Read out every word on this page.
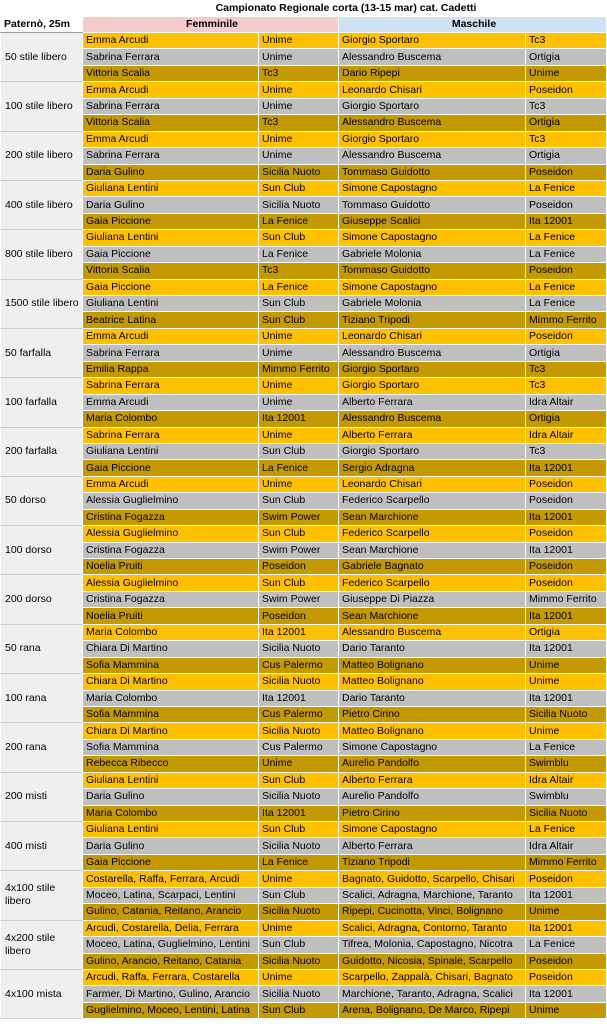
	Campionato Regionale corta (13-15 mar) cat. Cadetti			
Paternò, 25m	Femminile		Maschile	
50 stile libero	Emma Arcudi	Unime	Giorgio Sportaro	Tc3
	Sabrina Ferrara	Unime	Alessandro Buscema	Ortigia
	Vittoria Scalia	Tc3	Dario Ripepi	Unime
100 stile libero	Emma Arcudi	Unime	Leonardo Chisari	Poseidon
	Sabrina Ferrara	Unime	Giorgio Sportaro	Tc3
	Vittoria Scalia	Tc3	Alessandro Buscema	Ortigia
200 stile libero	Emma Arcudi	Unime	Giorgio Sportaro	Tc3
	Sabrina Ferrara	Unime	Alessandro Buscema	Ortigia
	Daria Gulino	Sicilia Nuoto	Tommaso Guidotto	Poseidon
400 stile libero	Giuliana Lentini	Sun Club	Simone Capostagno	La Fenice
	Daria Gulino	Sicilia Nuoto	Tommaso Guidotto	Poseidon
	Gaia Piccione	La Fenice	Giuseppe Scalici	Ita 12001
800 stile libero	Giuliana Lentini	Sun Club	Simone Capostagno	La Fenice
	Gaia Piccione	La Fenice	Gabriele Molonia	La Fenice
	Vittoria Scalia	Tc3	Tommaso Guidotto	Poseidon
1500 stile libero	Gaia Piccione	La Fenice	Simone Capostagno	La Fenice
	Giuliana Lentini	Sun Club	Gabriele Molonia	La Fenice
	Beatrice Latina	Sun Club	Tiziano Tripodi	Mimmo Ferrito
50 farfalla	Emma Arcudi	Unime	Leonardo Chisari	Poseidon
	Sabrina Ferrara	Unime	Alessandro Buscema	Ortigia
	Emilia Rappa	Mimmo Ferrito	Giorgio Sportaro	Tc3
100 farfalla	Sabrina Ferrara	Unime	Giorgio Sportaro	Tc3
	Emma Arcudi	Unime	Alberto Ferrara	Idra Altair
	Maria Colombo	Ita 12001	Alessandro Buscema	Ortigia
200 farfalla	Sabrina Ferrara	Unime	Alberto Ferrara	Idra Altair
	Giuliana Lentini	Sun Club	Giorgio Sportaro	Tc3
	Gaia Piccione	La Fenice	Sergio Adragna	Ita 12001
50 dorso	Emma Arcudi	Unime	Leonardo Chisari	Poseidon
	Alessia Guglielmino	Sun Club	Federico Scarpello	Poseidon
	Cristina Fogazza	Swim Power	Sean Marchione	Ita 12001
100 dorso	Alessia Guglielmino	Sun Club	Federico Scarpello	Poseidon
	Cristina Fogazza	Swim Power	Sean Marchione	Ita 12001
	Noelia Pruiti	Poseidon	Gabriele Bagnato	Poseidon
200 dorso	Alessia Guglielmino	Sun Club	Federico Scarpello	Poseidon
	Cristina Fogazza	Swim Power	Giuseppe Di Piazza	Mimmo Ferrito
	Noelia Pruiti	Poseidon	Sean Marchione	Ita 12001
50 rana	Maria Colombo	Ita 12001	Alessandro Buscema	Ortigia
	Chiara Di Martino	Sicilia Nuoto	Dario Taranto	Ita 12001
	Sofia Mammina	Cus Palermo	Matteo Bolignano	Unime
100 rana	Chiara Di Martino	Sicilia Nuoto	Matteo Bolignano	Unime
	Maria Colombo	Ita 12001	Dario Taranto	Ita 12001
	Sofia Mammina	Cus Palermo	Pietro Cirino	Sicilia Nuoto
200 rana	Chiara Di Martino	Sicilia Nuoto	Matteo Bolignano	Unime
	Sofia Mammina	Cus Palermo	Simone Capostagno	La Fenice
	Rebecca Ribecco	Unime	Aurelio Pandolfo	Swimblu
200 misti	Giuliana Lentini	Sun Club	Alberto Ferrara	Idra Altair
	Daria Gulino	Sicilia Nuoto	Aurelio Pandolfo	Swimblu
	Maria Colombo	Ita 12001	Pietro Cirino	Sicilia Nuoto
400 misti	Giuliana Lentini	Sun Club	Simone Capostagno	La Fenice
	Daria Gulino	Sicilia Nuoto	Alberto Ferrara	Idra Altair
	Gaia Piccione	La Fenice	Tiziano Tripodi	Mimmo Ferrito
4x100 stile libero	Costarella, Raffa, Ferrara, Arcudi	Unime	Bagnato, Guidotto, Scarpello, Chisari	Poseidon
	Moceo, Latina, Scarpaci, Lentini	Sun Club	Scalici, Adragna, Marchione, Taranto	Ita 12001
	Gulino, Catania, Reitano, Arancio	Sicilia Nuoto	Ripepi, Cucinotta, Vinci, Bolignano	Unime
4x200 stile libero	Arcudi, Costarella, Delia, Ferrara	Unime	Scalici, Adragna, Contorno, Taranto	Ita 12001
	Moceo, Latina, Guglielmino, Lentini	Sun Club	Tifrea, Molonia, Capostagno, Nicotra	La Fenice
	Gulino, Arancio, Reitano, Catania	Sicilia Nuoto	Guidotto, Nicosia, Spinale, Scarpello	Poseidon
4x100 mista	Arcudi, Raffa, Ferrara, Costarella	Unime	Scarpello, Zappalà, Chisari, Bagnato	Poseidon
	Farmer, Di Martino, Gulino, Arancio	Sicilia Nuoto	Marchione, Taranto, Adragna, Scalici	Ita 12001
	Guglielmino, Moceo, Lentini, Latina	Sun Club	Arena, Bolignano, De Marco, Ripepi	Unime
